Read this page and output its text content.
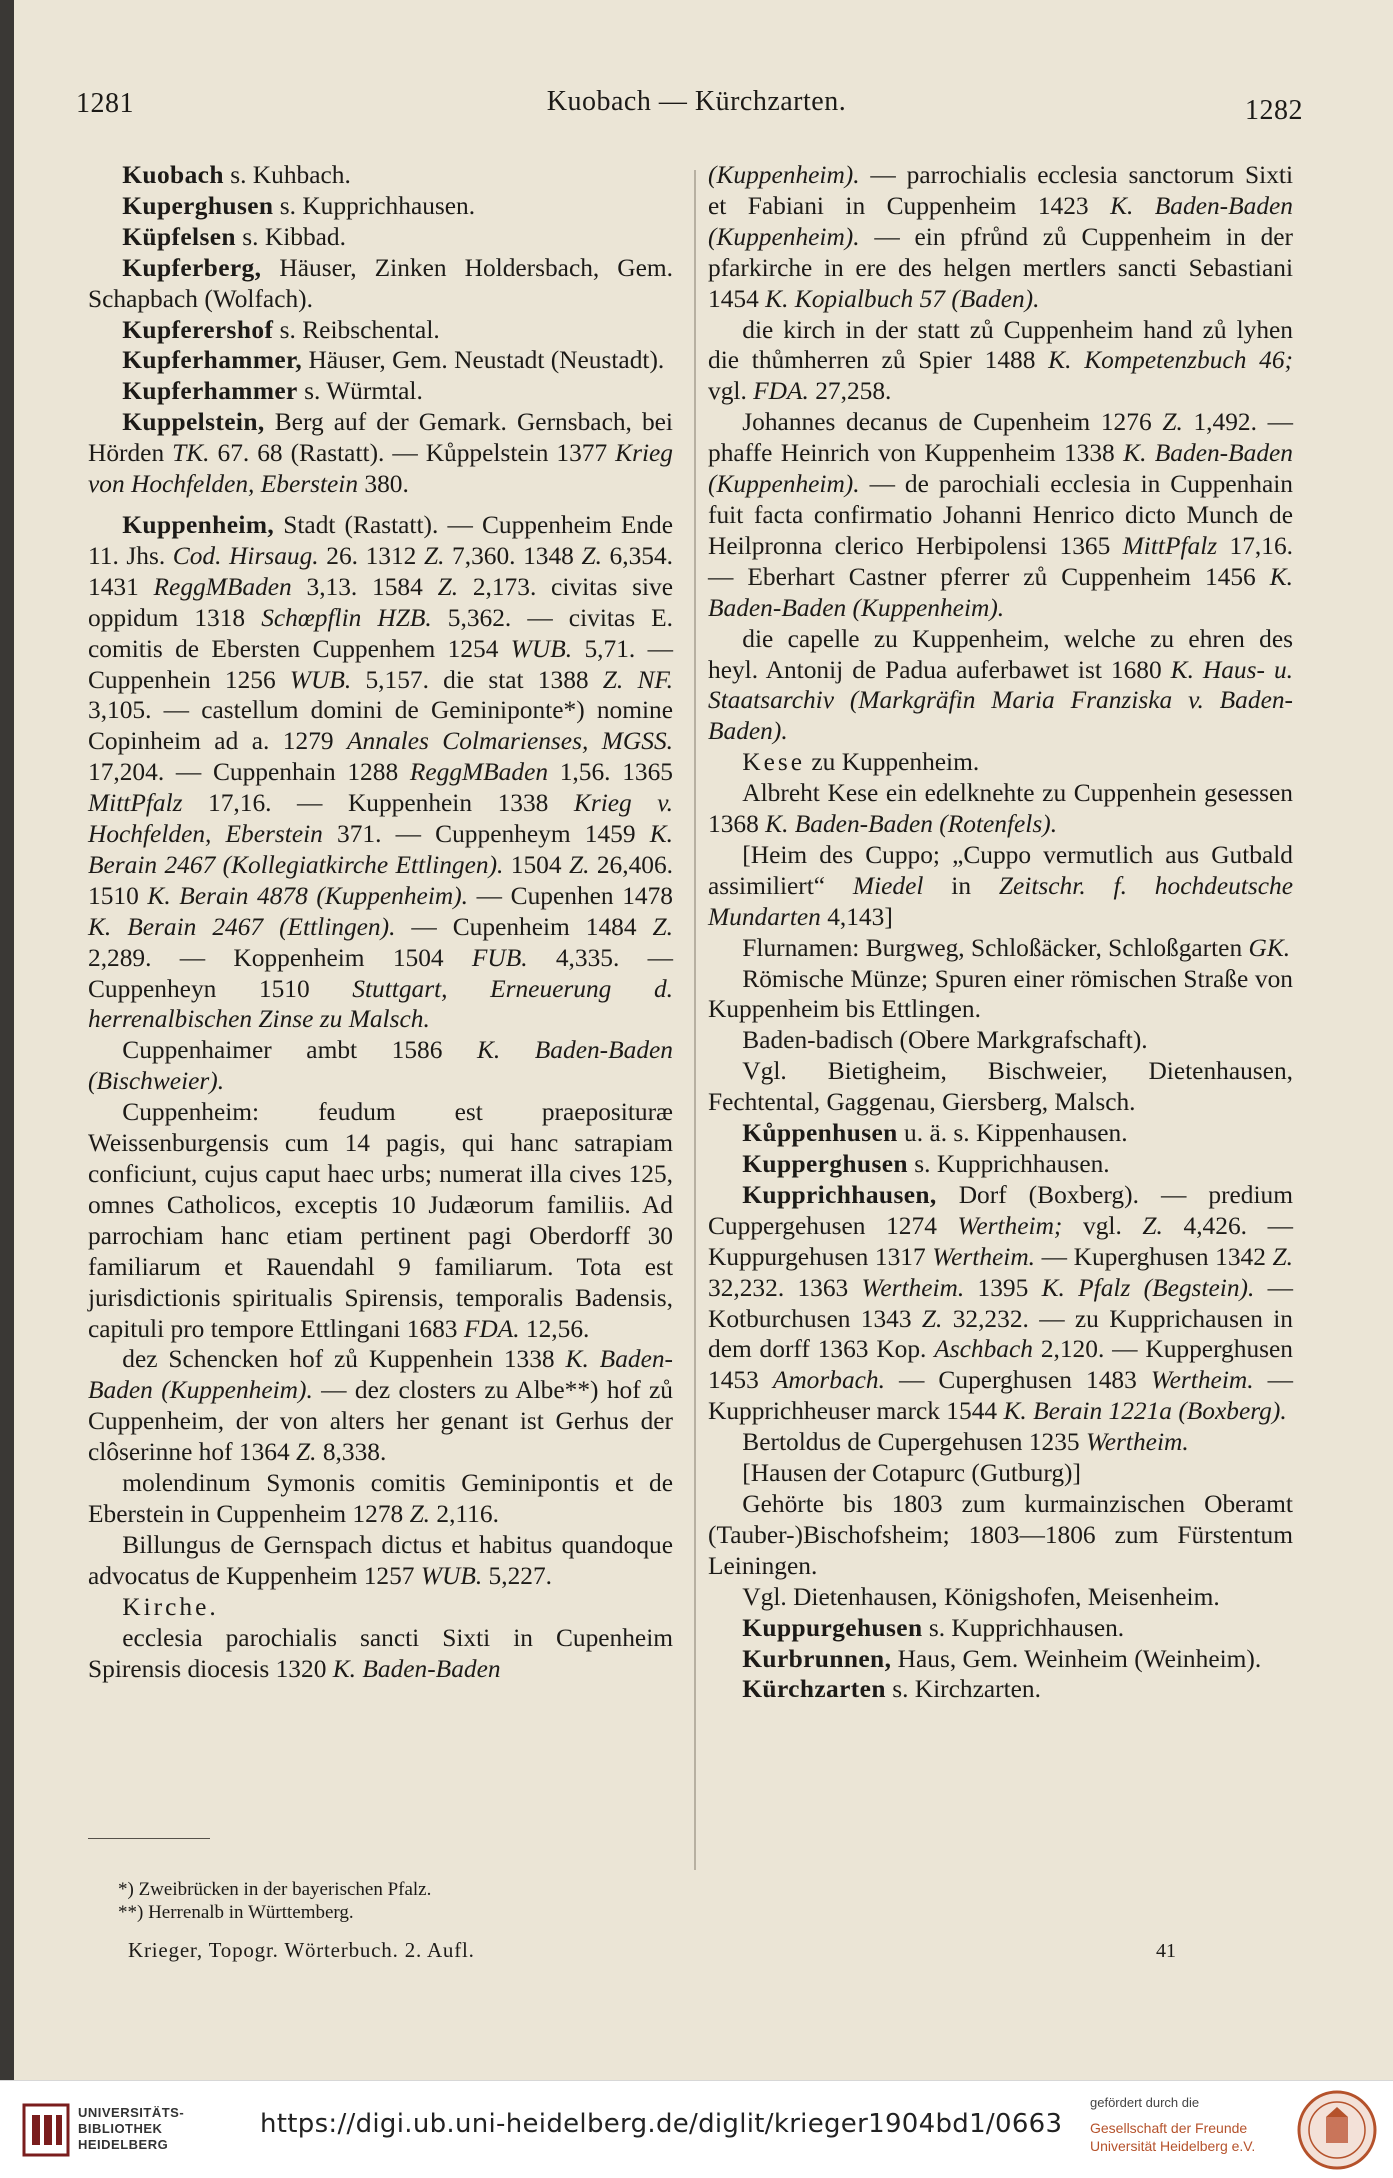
1281	Kuobach — Kürchzarten.	1282

Kuobach s. Kuhbach.

Kuperghusen s. Kupprichhausen.

Küpfelsen s. Kibbad.

Kupferberg, Häuser, Zinken Holdersbach, Gem. Schapbach (Wolfach).

Kupferershof s. Reibschental.

Kupferhammer, Häuser, Gem. Neustadt (Neustadt).

Kupferhammer s. Würmtal.

Kuppelstein, Berg auf der Gemark. Gernsbach, bei Hörden TK. 67. 68 (Rastatt). — Kůppelstein 1377 Krieg von Hochfelden, Eberstein 380.

Kuppenheim, Stadt (Rastatt). — Cuppenheim Ende 11. Jhs. Cod. Hirsaug. 26. 1312 Z. 7,360. 1348 Z. 6,354. 1431 ReggMBaden 3,13. 1584 Z. 2,173. civitas sive oppidum 1318 Schœpflin HZB. 5,362. — civitas E. comitis de Ebersten Cuppenhem 1254 WUB. 5,71. — Cuppenhein 1256 WUB. 5,157. die stat 1388 Z. NF. 3,105. — castellum domini de Geminiponte*) nomine Copinheim ad a. 1279 Annales Colmarienses, MGSS. 17,204. — Cuppenhain 1288 ReggMBaden 1,56. 1365 MittPfalz 17,16. — Kuppenhein 1338 Krieg v. Hochfelden, Eberstein 371. — Cuppenheym 1459 K. Berain 2467 (Kollegiatkirche Ettlingen). 1504 Z. 26,406. 1510 K. Berain 4878 (Kuppenheim). — Cupenhen 1478 K. Berain 2467 (Ettlingen). — Cupenheim 1484 Z. 2,289. — Koppenheim 1504 FUB. 4,335. — Cuppenheyn 1510 Stuttgart, Erneuerung d. herrenalbischen Zinse zu Malsch.

Cuppenhaimer ambt 1586 K. Baden-Baden (Bischweier).

Cuppenheim: feudum est praeposituræ Weissenburgensis cum 14 pagis, qui hanc satrapiam conficiunt, cujus caput haec urbs; numerat illa cives 125, omnes Catholicos, exceptis 10 Judæorum familiis. Ad parrochiam hanc etiam pertinent pagi Oberdorff 30 familiarum et Rauendahl 9 familiarum. Tota est jurisdictionis spiritualis Spirensis, temporalis Badensis, capituli pro tempore Ettlingani 1683 FDA. 12,56.

dez Schencken hof zů Kuppenhein 1338 K. Baden-Baden (Kuppenheim). — dez closters zu Albe**) hof zů Cuppenheim, der von alters her genant ist Gerhus der clôserinne hof 1364 Z. 8,338.

molendinum Symonis comitis Geminipontis et de Eberstein in Cuppenheim 1278 Z. 2,116.

Billungus de Gernspach dictus et habitus quandoque advocatus de Kuppenheim 1257 WUB. 5,227.

Kirche.

ecclesia parochialis sancti Sixti in Cupenheim Spirensis diocesis 1320 K. Baden-Baden

(Kuppenheim). — parrochialis ecclesia sanctorum Sixti et Fabiani in Cuppenheim 1423 K. Baden-Baden (Kuppenheim). — ein pfrůnd zů Cuppenheim in der pfarkirche in ere des helgen mertlers sancti Sebastiani 1454 K. Kopialbuch 57 (Baden).

die kirch in der statt zů Cuppenheim hand zů lyhen die thůmherren zů Spier 1488 K. Kompetenzbuch 46; vgl. FDA. 27,258.

Johannes decanus de Cupenheim 1276 Z. 1,492. — phaffe Heinrich von Kuppenheim 1338 K. Baden-Baden (Kuppenheim). — de parochiali ecclesia in Cuppenhain fuit facta confirmatio Johanni Henrico dicto Munch de Heilpronna clerico Herbipolensi 1365 MittPfalz 17,16. — Eberhart Castner pferrer zů Cuppenheim 1456 K. Baden-Baden (Kuppenheim).

die capelle zu Kuppenheim, welche zu ehren des heyl. Antonij de Padua auferbawet ist 1680 K. Haus- u. Staatsarchiv (Markgräfin Maria Franziska v. Baden-Baden).

Kese zu Kuppenheim.

Albreht Kese ein edelknehte zu Cuppenhein gesessen 1368 K. Baden-Baden (Rotenfels).

[Heim des Cuppo; „Cuppo vermutlich aus Gutbald assimiliert“ Miedel in Zeitschr. f. hochdeutsche Mundarten 4,143]

Flurnamen: Burgweg, Schloßäcker, Schloßgarten GK.

Römische Münze; Spuren einer römischen Straße von Kuppenheim bis Ettlingen.

Baden-badisch (Obere Markgrafschaft).

Vgl. Bietigheim, Bischweier, Dietenhausen, Fechtental, Gaggenau, Giersberg, Malsch.

Kůppenhusen u. ä. s. Kippenhausen.

Kupperghusen s. Kupprichhausen.

Kupprichhausen, Dorf (Boxberg). — predium Cuppergehusen 1274 Wertheim; vgl. Z. 4,426. — Kuppurgehusen 1317 Wertheim. — Kuperghusen 1342 Z. 32,232. 1363 Wertheim. 1395 K. Pfalz (Begstein). — Kotburchusen 1343 Z. 32,232. — zu Kupprichausen in dem dorff 1363 Kop. Aschbach 2,120. — Kupperghusen 1453 Amorbach. — Cuperghusen 1483 Wertheim. — Kupprichheuser marck 1544 K. Berain 1221a (Boxberg).

Bertoldus de Cupergehusen 1235 Wertheim.

[Hausen der Cotapurc (Gutburg)]

Gehörte bis 1803 zum kurmainzischen Oberamt (Tauber-)Bischofsheim; 1803—1806 zum Fürstentum Leiningen.

Vgl. Dietenhausen, Königshofen, Meisenheim.

Kuppurgehusen s. Kupprichhausen.

Kurbrunnen, Haus, Gem. Weinheim (Weinheim).

Kürchzarten s. Kirchzarten.

*) Zweibrücken in der bayerischen Pfalz.
**) Herrenalb in Württemberg.
Krieger, Topogr. Wörterbuch. 2. Aufl.	41
UNIVERSITÄTS-
BIBLIOTHEK
HEIDELBERG
https://digi.ub.uni-heidelberg.de/diglit/krieger1904bd1/0663
gefördert durch die
Gesellschaft der Freunde
Universität Heidelberg e.V.
